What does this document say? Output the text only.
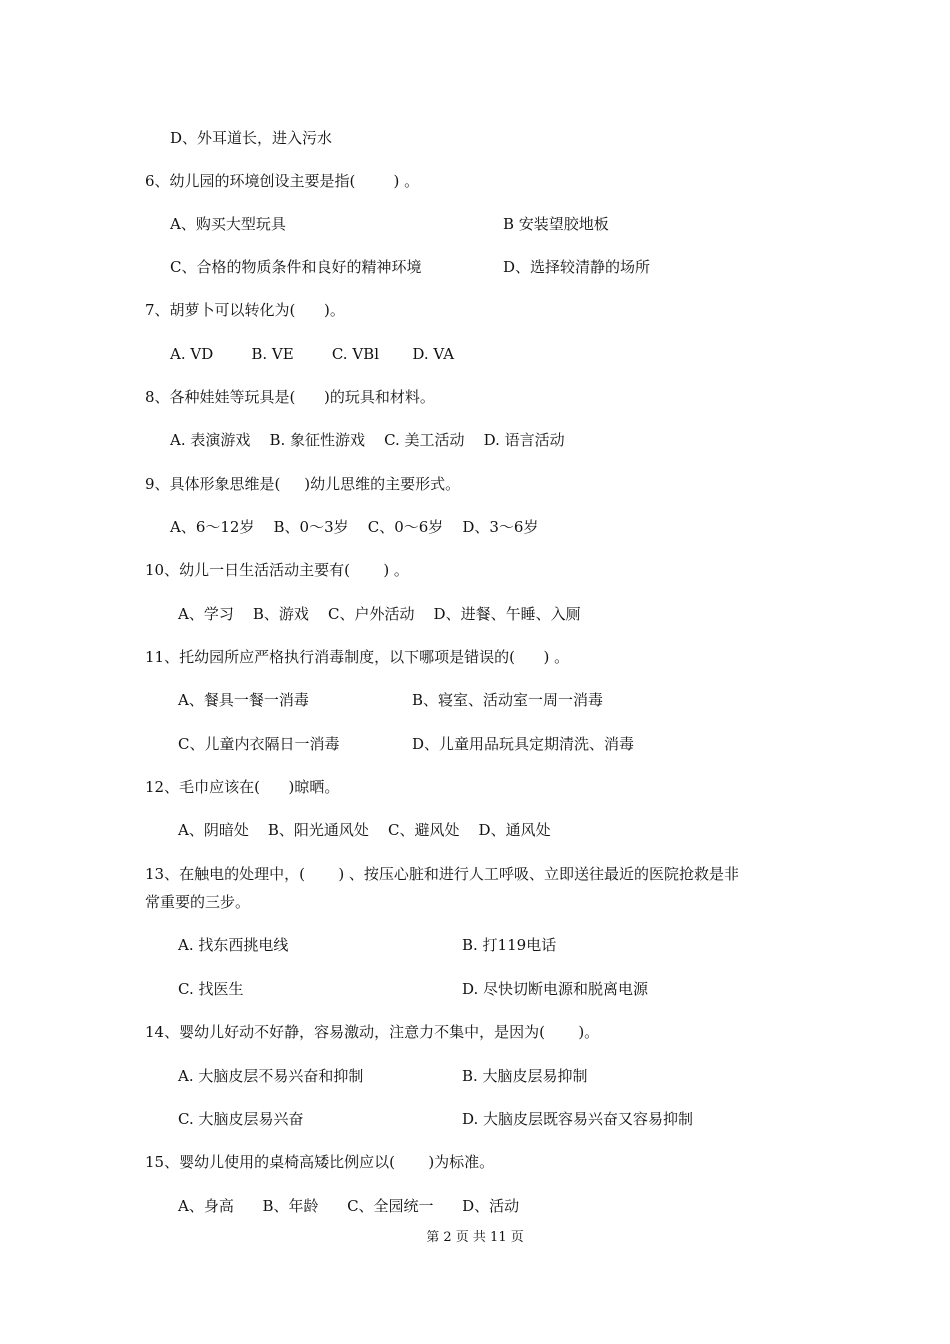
D、外耳道长，进入污水
6、幼儿园的环境创设主要是指(        ) 。
A、购买大型玩具	B 安装望胶地板
C、合格的物质条件和良好的精神环境	D、选择较清静的场所
7、胡萝卜可以转化为(      )。
A. VD        B. VE        C. VBl       D. VA
8、各种娃娃等玩具是(      )的玩具和材料。
A. 表演游戏    B. 象征性游戏    C. 美工活动    D. 语言活动
9、具体形象思维是(     )幼儿思维的主要形式。
A、6～12岁    B、0～3岁    C、0～6岁    D、3～6岁
10、幼儿一日生活活动主要有(       ) 。
A、学习    B、游戏    C、户外活动    D、进餐、午睡、入厕
11、托幼园所应严格执行消毒制度，以下哪项是错误的(      ) 。
A、餐具一餐一消毒	B、寝室、活动室一周一消毒
C、儿童内衣隔日一消毒	D、儿童用品玩具定期清洗、消毒
12、毛巾应该在(      )晾晒。
A、阴暗处    B、阳光通风处    C、避风处    D、通风处
13、在触电的处理中，(       ) 、按压心脏和进行人工呼吸、立即送往最近的医院抢救是非
常重要的三步。
A. 找东西挑电线	B. 打119电话
C. 找医生	D. 尽快切断电源和脱离电源
14、婴幼儿好动不好静，容易激动，注意力不集中，是因为(       )。
A. 大脑皮层不易兴奋和抑制	B. 大脑皮层易抑制
C. 大脑皮层易兴奋	D. 大脑皮层既容易兴奋又容易抑制
15、婴幼儿使用的桌椅高矮比例应以(       )为标准。
A、身高      B、年龄      C、全园统一      D、活动
第 2 页 共 11 页
